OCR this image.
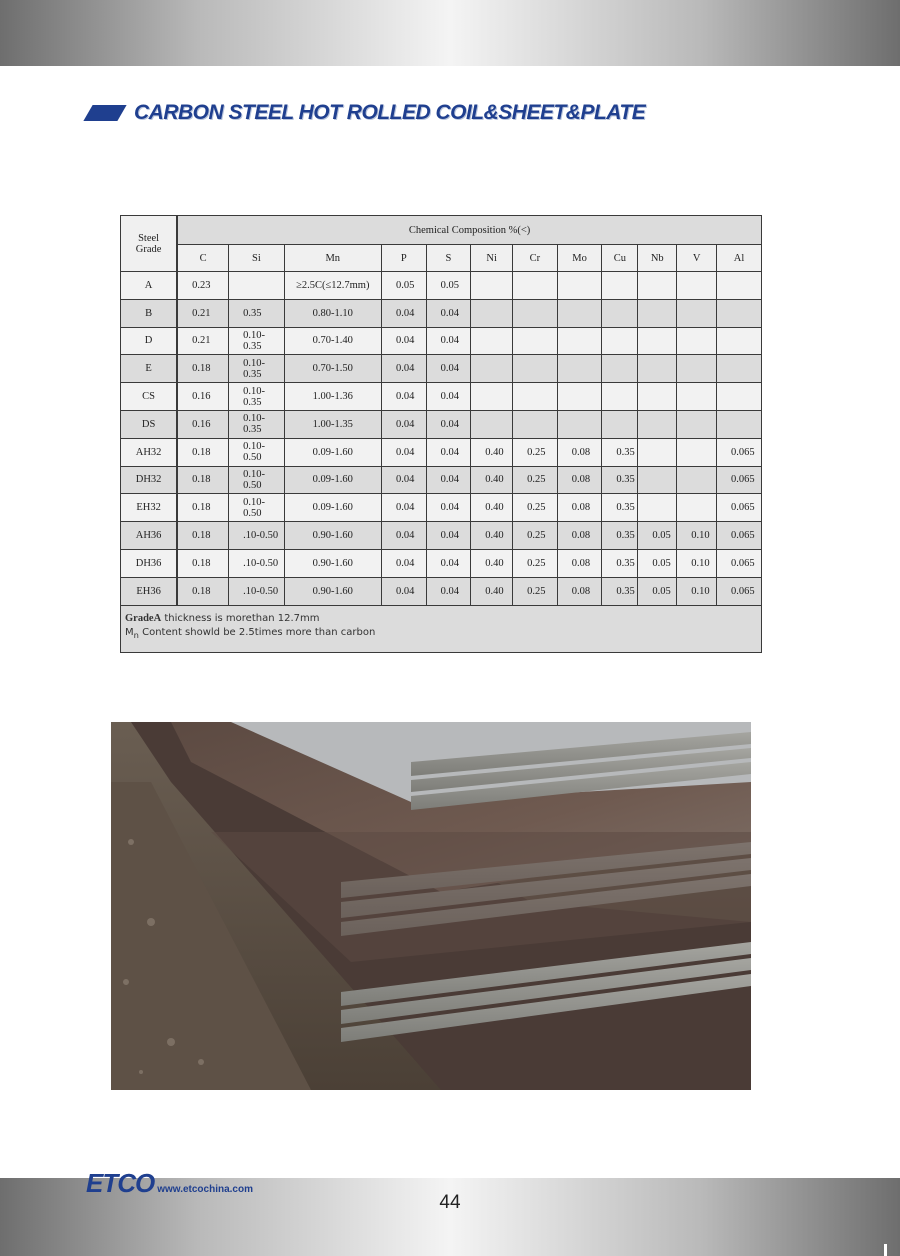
CARBON STEEL HOT ROLLED COIL&SHEET&PLATE
Steel
Grade	Chemical Composition %(<)											
	C	Si	Mn	P	S	Ni	Cr	Mo	Cu	Nb	V	Al
A	0.23		≥2.5C(≤12.7mm)	0.05	0.05							
B	0.21	0.35	0.80-1.10	0.04	0.04							
D	0.21	0.10-0.35	0.70-1.40	0.04	0.04							
E	0.18	0.10-0.35	0.70-1.50	0.04	0.04							
CS	0.16	0.10-0.35	1.00-1.36	0.04	0.04							
DS	0.16	0.10-0.35	1.00-1.35	0.04	0.04							
AH32	0.18	0.10-0.50	0.09-1.60	0.04	0.04	0.40	0.25	0.08	0.35			0.065
DH32	0.18	0.10-0.50	0.09-1.60	0.04	0.04	0.40	0.25	0.08	0.35			0.065
EH32	0.18	0.10-0.50	0.09-1.60	0.04	0.04	0.40	0.25	0.08	0.35			0.065
AH36	0.18	.10-0.50	0.90-1.60	0.04	0.04	0.40	0.25	0.08	0.35	0.05	0.10	0.065
DH36	0.18	.10-0.50	0.90-1.60	0.04	0.04	0.40	0.25	0.08	0.35	0.05	0.10	0.065
EH36	0.18	.10-0.50	0.90-1.60	0.04	0.04	0.40	0.25	0.08	0.35	0.05	0.10	0.065

GradeA thickness is morethan 12.7mm
$M_n$ Content showld be 2.5times more than carbon												
ETCO www.etcochina.com
44
